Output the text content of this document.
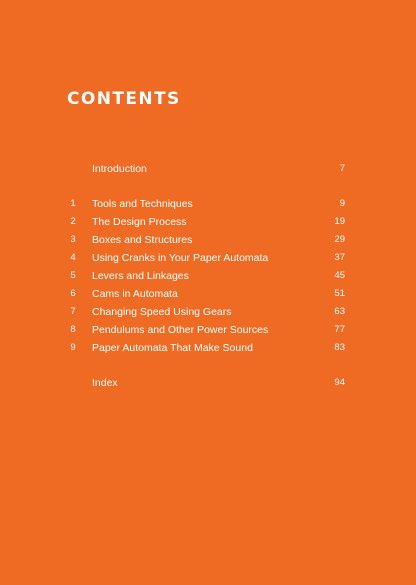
CONTENTS
Introduction	7
1	Tools and Techniques	9
2	The Design Process	19
3	Boxes and Structures	29
4	Using Cranks in Your Paper Automata	37
5	Levers and Linkages	45
6	Cams in Automata	51
7	Changing Speed Using Gears	63
8	Pendulums and Other Power Sources	77
9	Paper Automata That Make Sound	83
Index	94
